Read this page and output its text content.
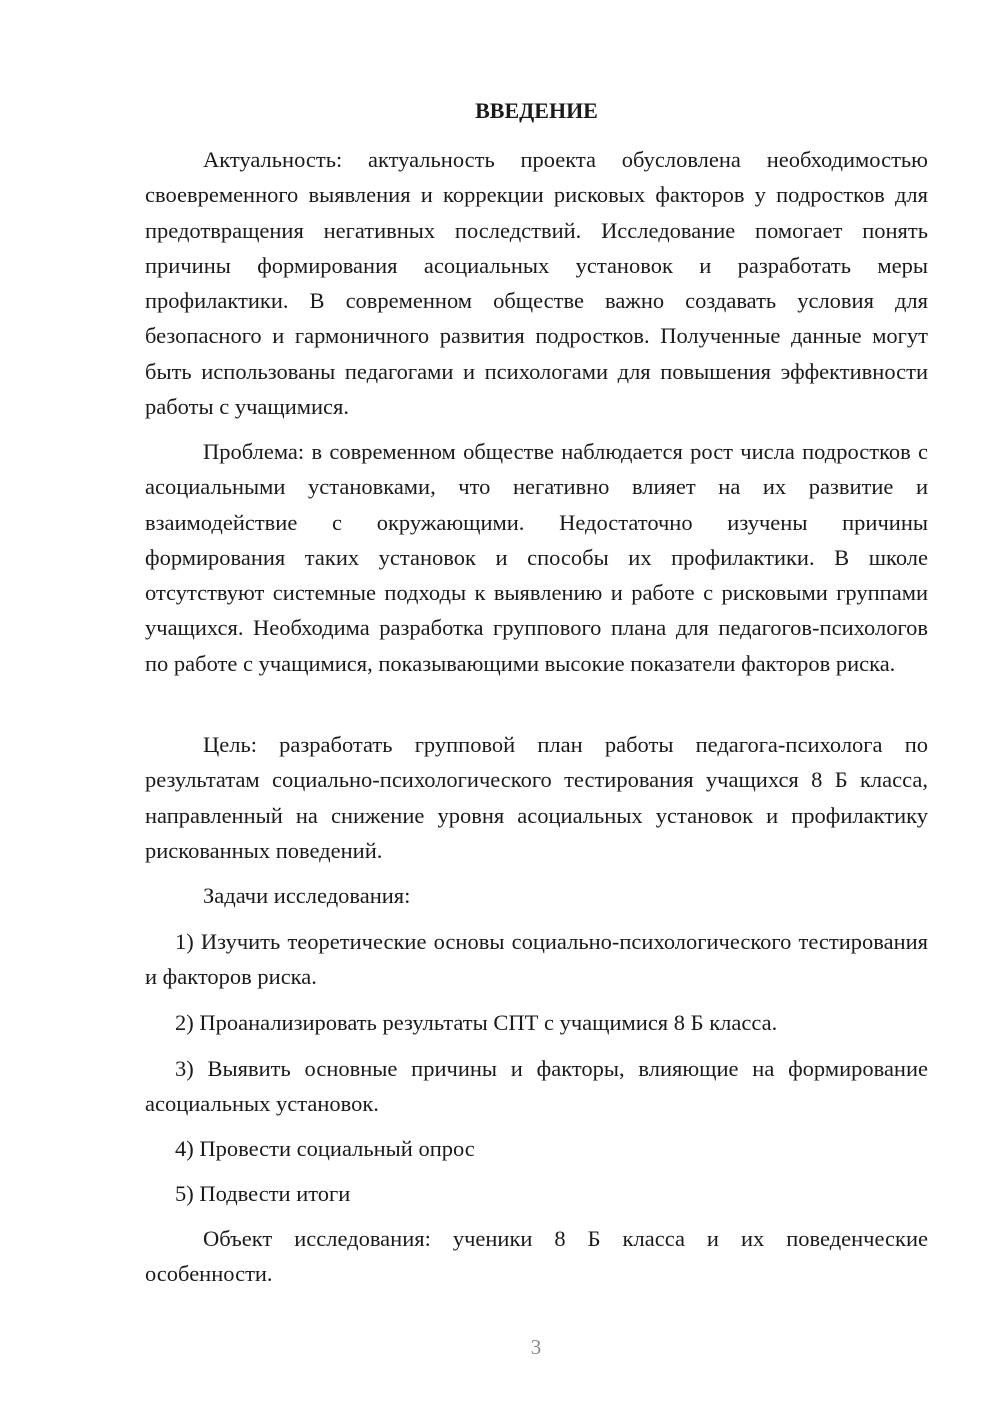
ВВЕДЕНИЕ

Актуальность: актуальность проекта обусловлена необходимостью своевременного выявления и коррекции рисковых факторов у подростков для предотвращения негативных последствий. Исследование помогает понять причины формирования асоциальных установок и разработать меры профилактики. В современном обществе важно создавать условия для безопасного и гармоничного развития подростков. Полученные данные могут быть использованы педагогами и психологами для повышения эффективности работы с учащимися.

Проблема: в современном обществе наблюдается рост числа подростков с асоциальными установками, что негативно влияет на их развитие и взаимодействие с окружающими. Недостаточно изучены причины формирования таких установок и способы их профилактики. В школе отсутствуют системные подходы к выявлению и работе с рисковыми группами учащихся. Необходима разработка группового плана для педагогов-психологов по работе с учащимися, показывающими высокие показатели факторов риска.

Цель: разработать групповой план работы педагога-психолога по результатам социально-психологического тестирования учащихся 8 Б класса, направленный на снижение уровня асоциальных установок и профилактику рискованных поведений.

Задачи исследования:

1) Изучить теоретические основы социально-психологического тестирования и факторов риска.

2) Проанализировать результаты СПТ с учащимися 8 Б класса.

3) Выявить основные причины и факторы, влияющие на формирование асоциальных установок.

4) Провести социальный опрос

5) Подвести итоги

Объект исследования: ученики 8 Б класса и их поведенческие особенности.

3
